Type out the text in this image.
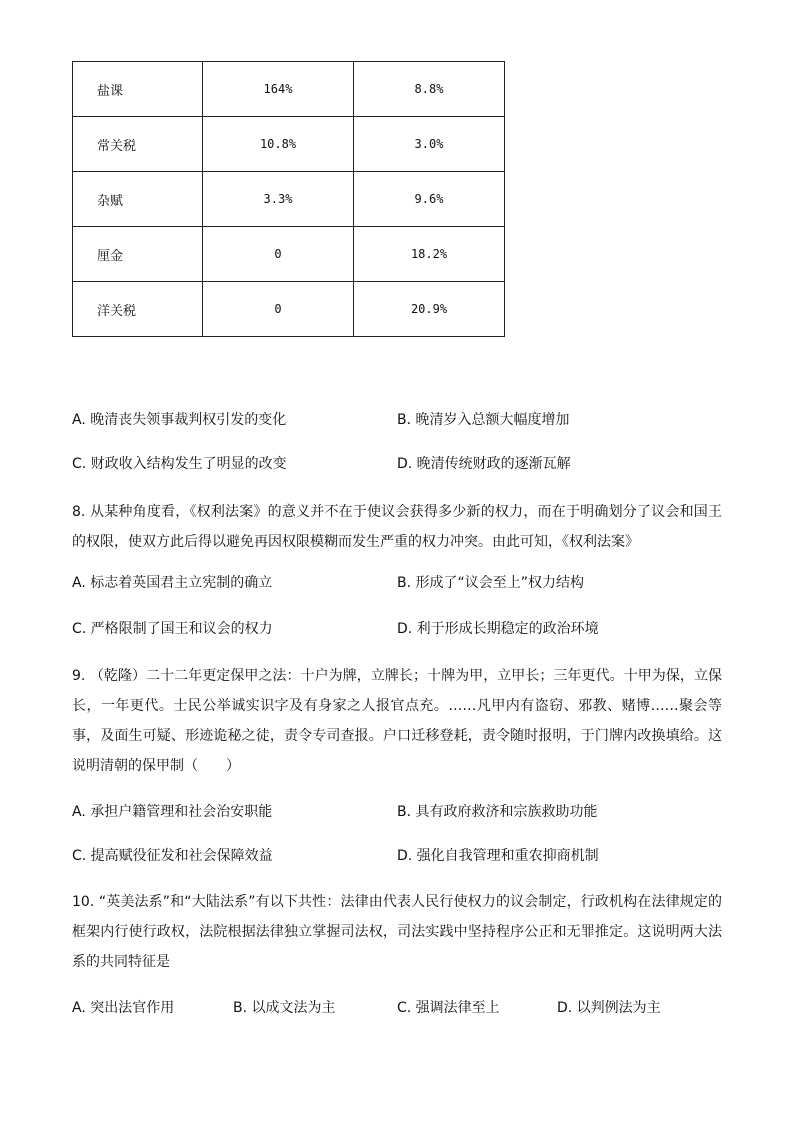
盐课	164%	8.8%
常关税	10.8%	3.0%
杂赋	3.3%	9.6%
厘金	0	18.2%
洋关税	0	20.9%
A. 晚清丧失领事裁判权引发的变化	B. 晚清岁入总额大幅度增加
C. 财政收入结构发生了明显的改变	D. 晚清传统财政的逐渐瓦解
8. 从某种角度看，《权利法案》的意义并不在于使议会获得多少新的权力，而在于明确划分了议会和国王的权限，使双方此后得以避免再因权限模糊而发生严重的权力冲突。由此可知，《权利法案》
A. 标志着英国君主立宪制的确立	B. 形成了“议会至上”权力结构
C. 严格限制了国王和议会的权力	D. 利于形成长期稳定的政治环境
9. （乾隆）二十二年更定保甲之法：十户为牌，立牌长；十牌为甲，立甲长；三年更代。十甲为保，立保长，一年更代。士民公举诚实识字及有身家之人报官点充。……凡甲内有盗窃、邪教、赌博……聚会等事，及面生可疑、形迹诡秘之徒，责令专司查报。户口迁移登耗，责令随时报明，于门牌内改换填给。这说明清朝的保甲制（　　）
A. 承担户籍管理和社会治安职能	B. 具有政府救济和宗族救助功能
C. 提高赋役征发和社会保障效益	D. 强化自我管理和重农抑商机制
10. “英美法系”和“大陆法系”有以下共性：法律由代表人民行使权力的议会制定，行政机构在法律规定的框架内行使行政权，法院根据法律独立掌握司法权，司法实践中坚持程序公正和无罪推定。这说明两大法系的共同特征是
A. 突出法官作用	B. 以成文法为主	C. 强调法律至上	D. 以判例法为主
